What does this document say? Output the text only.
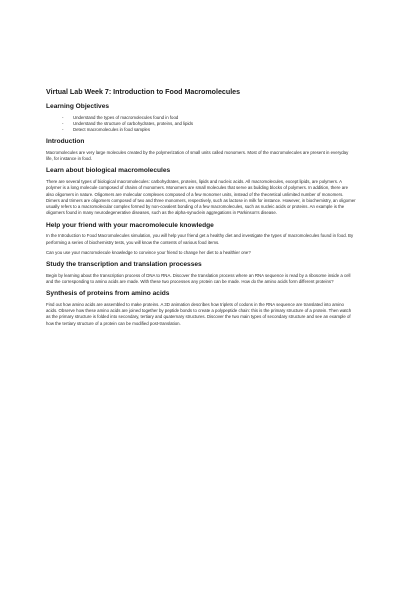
Virtual Lab Week 7: Introduction to Food Macromolecules
Learning Objectives
- Understand the types of macromolecules found in food
- Understand the structure of carbohydrates, proteins, and lipids
- Detect macromolecules in food samples
Introduction

Macromolecules are very large molecules created by the polymerization of small units called monomers. Most of the macromolecules are present in everyday life, for instance in food.

Learn about biological macromolecules

There are several types of biological macromolecules: carbohydrates, proteins, lipids and nucleic acids. All macromolecules, except lipids, are polymers. A polymer is a long molecule composed of chains of monomers. Monomers are small molecules that serve as building blocks of polymers. In addition, there are also oligomers in nature. Oligomers are molecular complexes composed of a few monomer units, instead of the theoretical unlimited number of monomers. Dimers and trimers are oligomers composed of two and three monomers, respectively, such as lactose in milk for instance. However, in biochemistry, an oligomer usually refers to a macromolecular complex formed by non-covalent bonding of a few macromolecules, such as nucleic acids or proteins. An example is the oligomers found in many neurodegenerative diseases, such as the alpha-synuclein aggregations in Parkinson's disease.

Help your friend with your macromolecule knowledge

In the Introduction to Food Macromolecules simulation, you will help your friend get a healthy diet and investigate the types of macromolecules found in food. By performing a series of biochemistry tests, you will know the contents of various food items.

Can you use your macromolecule knowledge to convince your friend to change her diet to a healthier one?

Study the transcription and translation processes

Begin by learning about the transcription process of DNA to RNA. Discover the translation process where an RNA sequence is read by a ribosome inside a cell and the corresponding to amino acids are made. With these two processes any protein can be made. How do the amino acids form different proteins?

Synthesis of proteins from amino acids

Find out how amino acids are assembled to make proteins. A 3D animation describes how triplets of codons in the RNA sequence are translated into amino acids. Observe how these amino acids are joined together by peptide bonds to create a polypeptide chain: this is the primary structure of a protein. Then watch as the primary structure is folded into secondary, tertiary and quaternary structures. Discover the two main types of secondary structure and see an example of how the tertiary structure of a protein can be modified post-translation.
